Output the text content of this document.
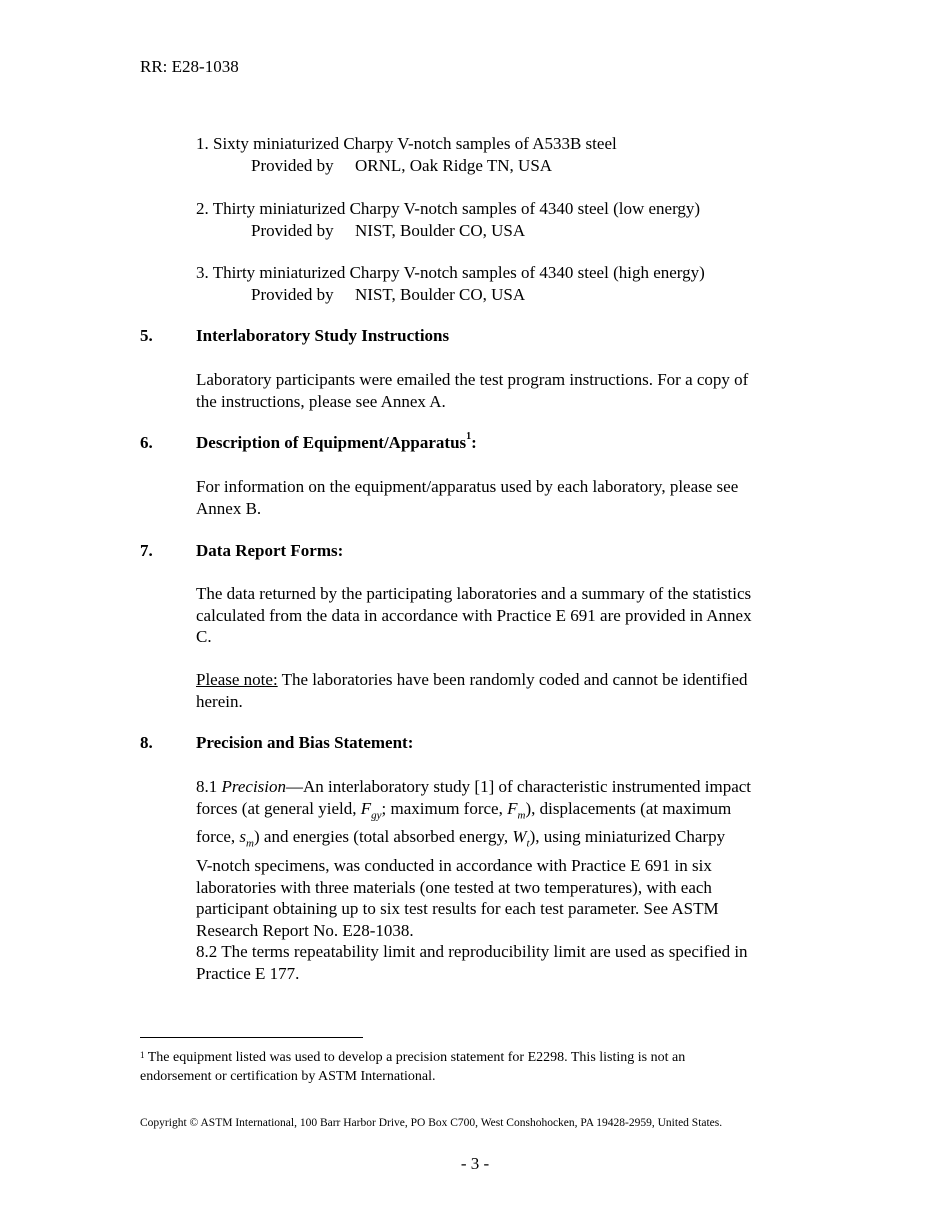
RR: E28-1038
1. Sixty miniaturized Charpy V-notch samples of A533B steel
Provided by ORNL, Oak Ridge TN, USA
2. Thirty miniaturized Charpy V-notch samples of 4340 steel (low energy)
Provided by NIST, Boulder CO, USA
3. Thirty miniaturized Charpy V-notch samples of 4340 steel (high energy)
Provided by NIST, Boulder CO, USA
5.	Interlaboratory Study Instructions
Laboratory participants were emailed the test program instructions. For a copy of
the instructions, please see Annex A.
6.	Description of Equipment/Apparatus$^1$:
For information on the equipment/apparatus used by each laboratory, please see
Annex B.
7.	Data Report Forms:
The data returned by the participating laboratories and a summary of the statistics
calculated from the data in accordance with Practice E 691 are provided in Annex
C.
Please note: The laboratories have been randomly coded and cannot be identified
herein.
8.	Precision and Bias Statement:
8.1 Precision—An interlaboratory study [1] of characteristic instrumented impact
forces (at general yield, $F_{gy}$; maximum force, $F_m$), displacements (at maximum
force, $s_m$) and energies (total absorbed energy, $W_t$), using miniaturized Charpy
V-notch specimens, was conducted in accordance with Practice E 691 in six
laboratories with three materials (one tested at two temperatures), with each
participant obtaining up to six test results for each test parameter. See ASTM
Research Report No. E28-1038.
8.2 The terms repeatability limit and reproducibility limit are used as specified in
Practice E 177.
$^1$ The equipment listed was used to develop a precision statement for E2298. This listing is not an
endorsement or certification by ASTM International.
Copyright © ASTM International, 100 Barr Harbor Drive, PO Box C700, West Conshohocken, PA 19428-2959, United States.
- 3 -
